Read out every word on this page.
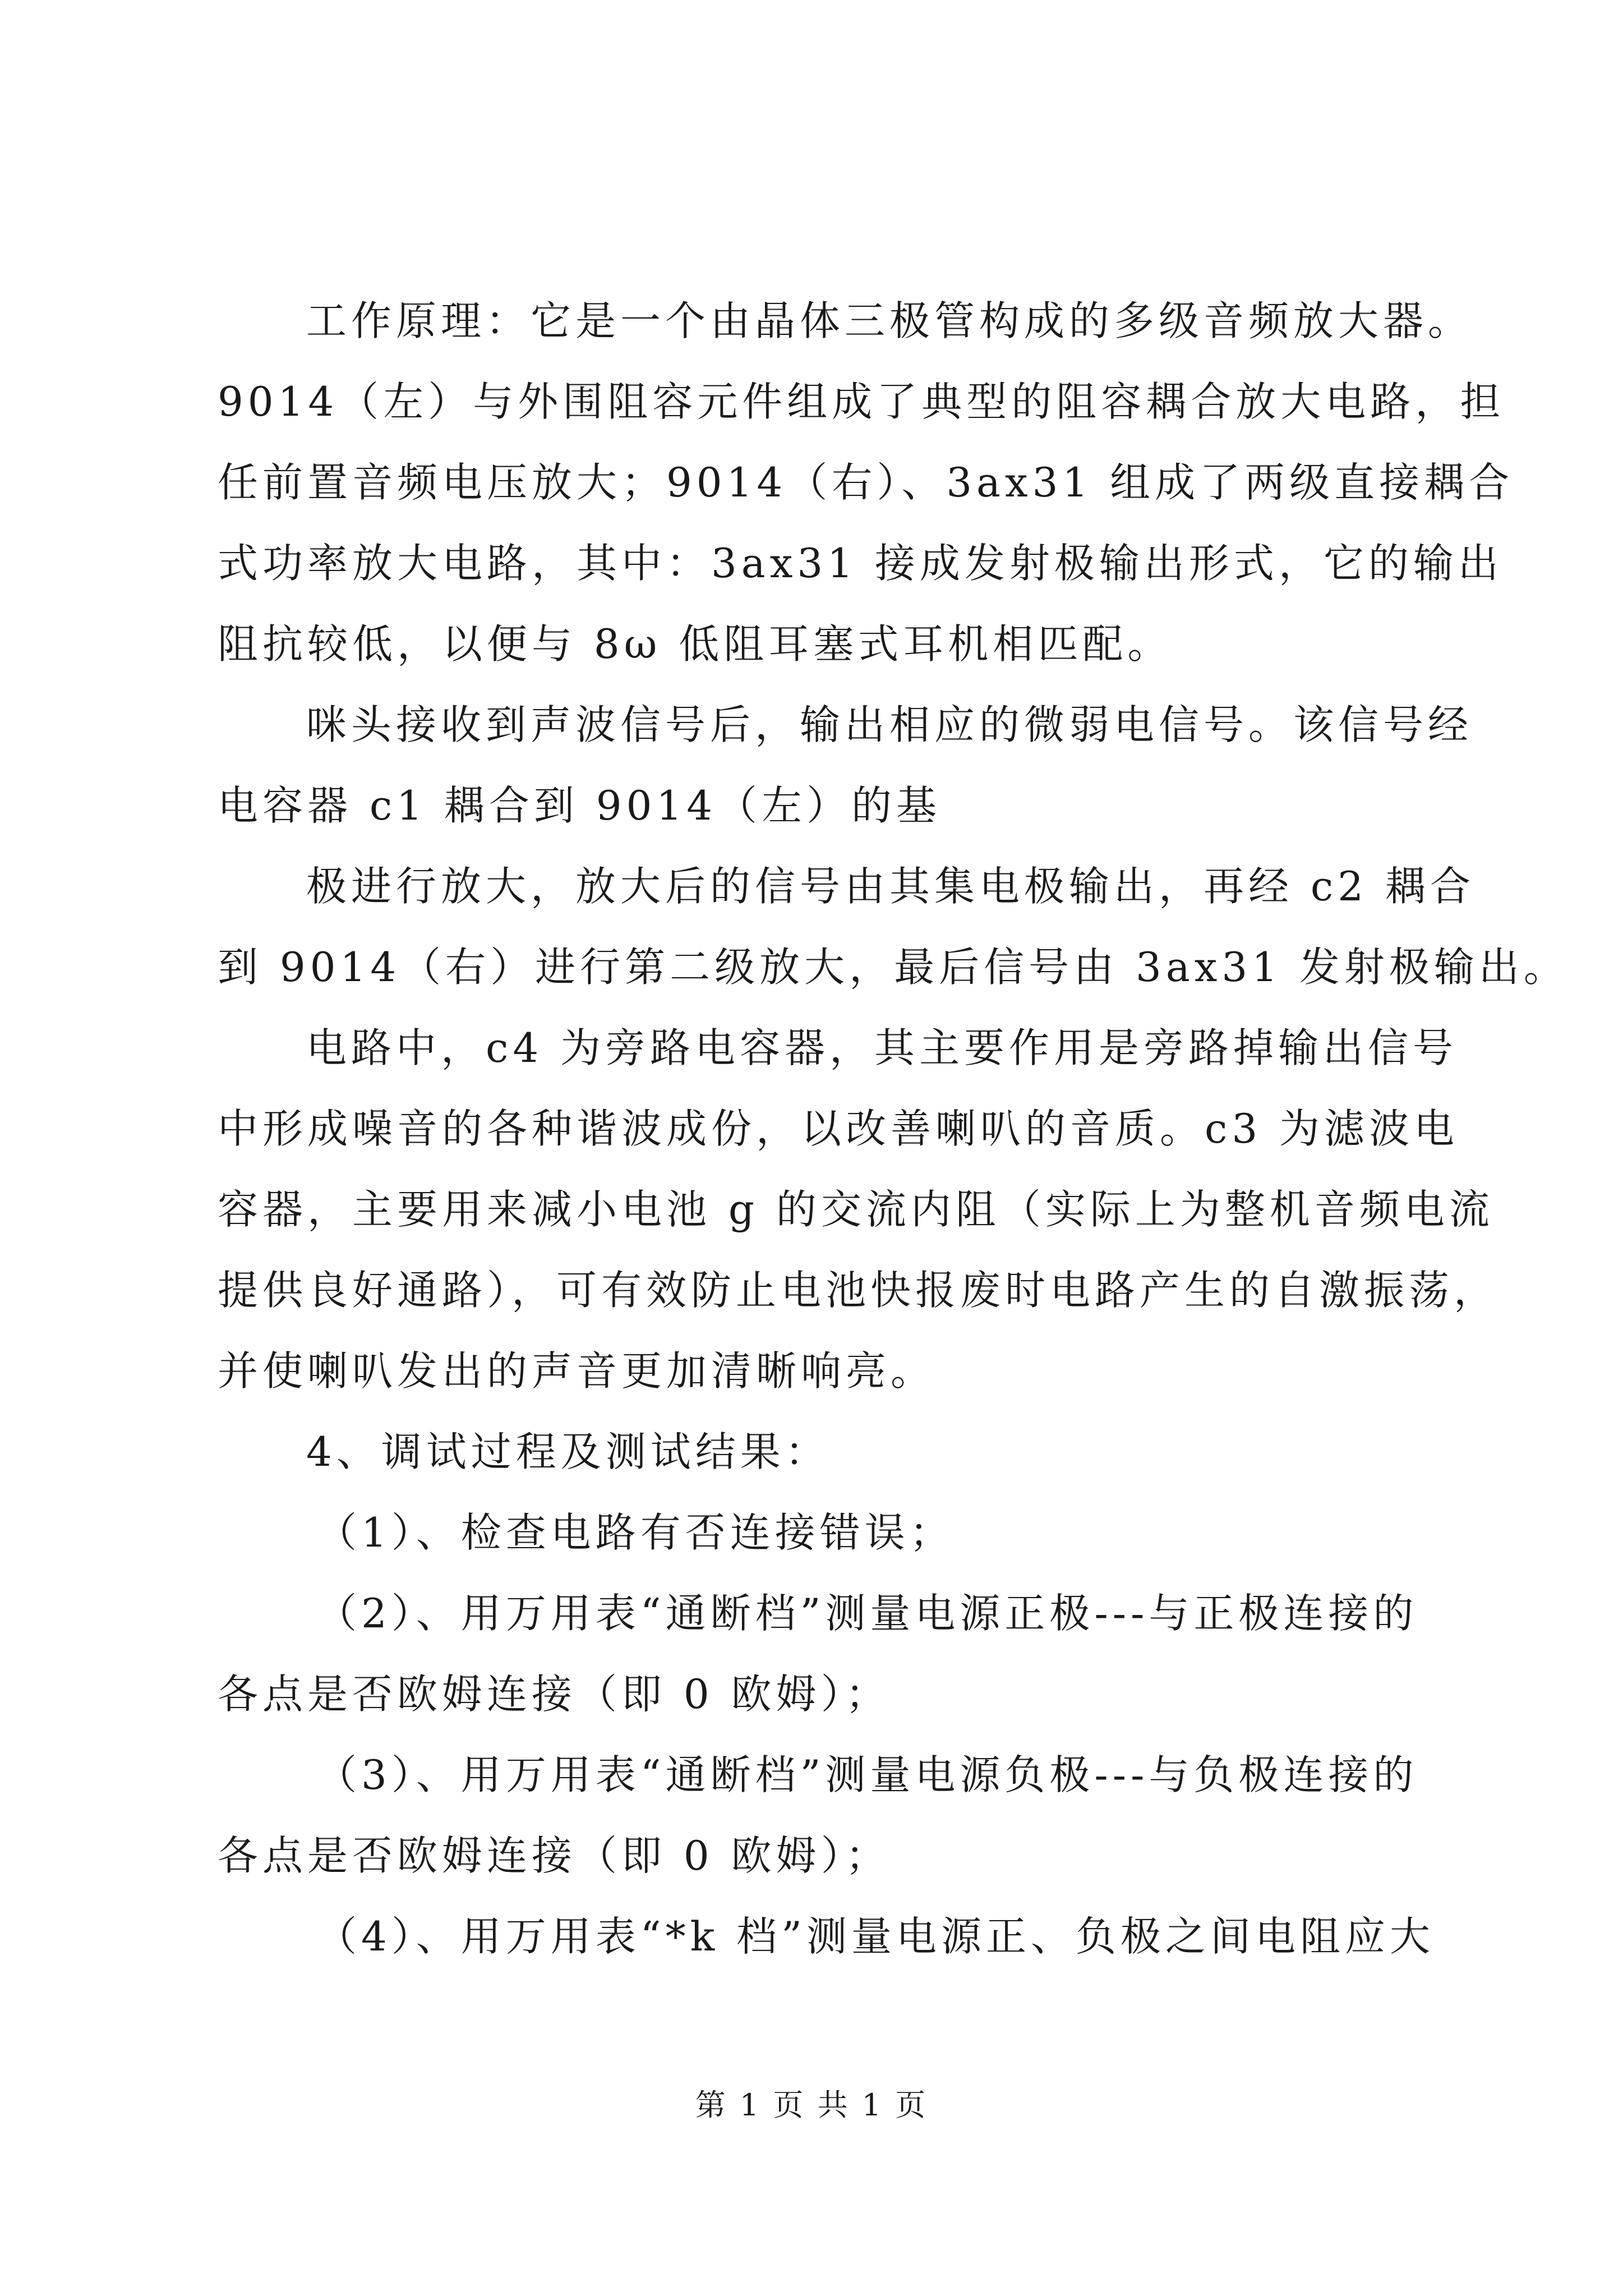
工作原理：它是一个由晶体三极管构成的多级音频放大器。
9014（左）与外围阻容元件组成了典型的阻容耦合放大电路，担
任前置音频电压放大；9014（右）、3ax31 组成了两级直接耦合
式功率放大电路，其中：3ax31 接成发射极输出形式，它的输出
阻抗较低，以便与 8ω 低阻耳塞式耳机相匹配。
咪头接收到声波信号后，输出相应的微弱电信号。该信号经
电容器 c1 耦合到 9014（左）的基
极进行放大，放大后的信号由其集电极输出，再经 c2 耦合
到 9014（右）进行第二级放大，最后信号由 3ax31 发射极输出。
电路中，c4 为旁路电容器，其主要作用是旁路掉输出信号
中形成噪音的各种谐波成份，以改善喇叭的音质。c3 为滤波电
容器，主要用来减小电池 g 的交流内阻（实际上为整机音频电流
提供良好通路），可有效防止电池快报废时电路产生的自激振荡，
并使喇叭发出的声音更加清晰响亮。
4、调试过程及测试结果：
（1）、检查电路有否连接错误；
（2）、用万用表“通断档”测量电源正极---与正极连接的
各点是否欧姆连接（即 0 欧姆）；
（3）、用万用表“通断档”测量电源负极---与负极连接的
各点是否欧姆连接（即 0 欧姆）；
（4）、用万用表“*k 档”测量电源正、负极之间电阻应大
第 1 页 共 1 页
